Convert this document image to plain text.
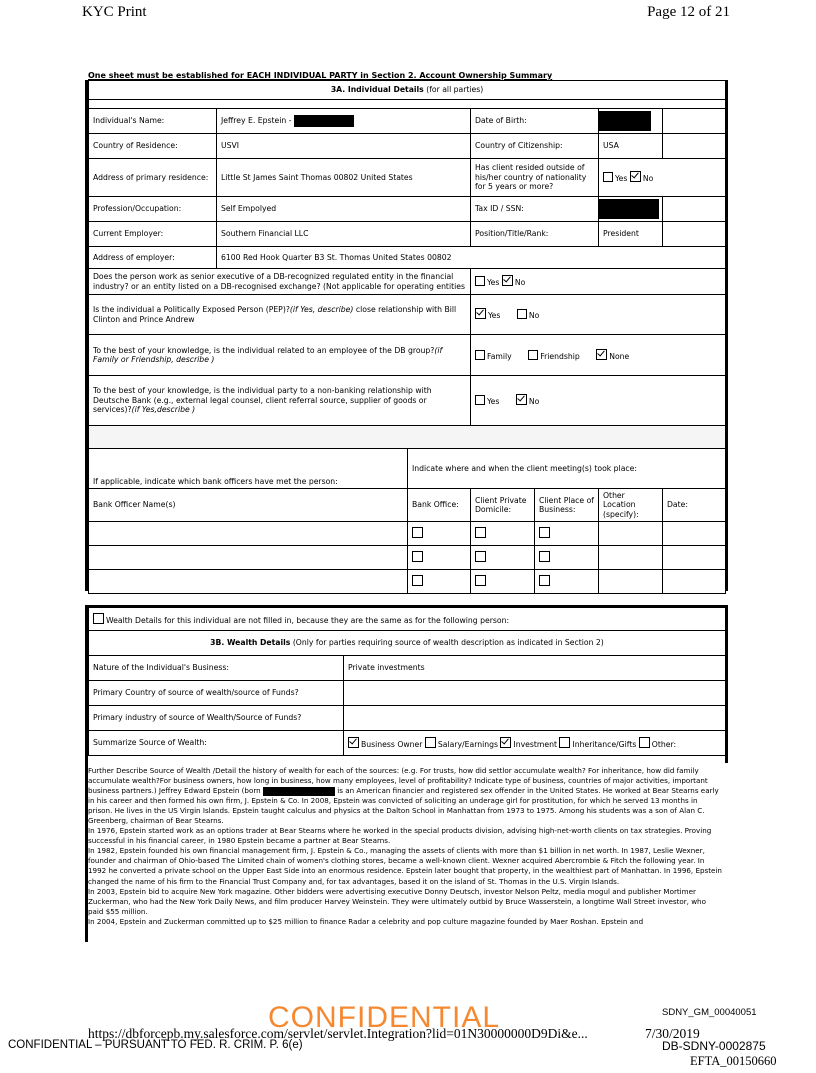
KYC Print	Page 12 of 21
One sheet must be established for EACH INDIVIDUAL PARTY in Section 2. Account Ownership Summary
3A. Individual Details (for all parties)						

Individual's Name:	Jeffrey E. Epstein -		Date of Birth:			
Country of Residence:	USVI		Country of Citizenship:		USA	
Address of primary residence:	Little St James Saint Thomas 00802 United States		Has client resided outside of his/her country of nationality for 5 years or more?		Yes No	
Profession/Occupation:	Self Empolyed		Tax ID / SSN:			
Current Employer:	Southern Financial LLC		Position/Title/Rank:		President	
Address of employer:	6100 Red Hook Quarter B3 St. Thomas United States 00802					
Does the person work as senior executive of a DB-recognized regulated entity in the financial industry? or an entity listed on a DB-recognised exchange? (Not applicable for operating entities			Yes No			
Is the individual a Politically Exposed Person (PEP)?(if Yes, describe) close relationship with Bill Clinton and Prince Andrew			Yes No			
To the best of your knowledge, is the individual related to an employee of the DB group?(if Family or Friendship, describe )			Family Friendship None			
To the best of your knowledge, is the individual party to a non-banking relationship with Deutsche Bank (e.g., external legal counsel, client referral source, supplier of goods or services)?(if Yes,describe )			Yes No			

If applicable, indicate which bank officers have met the person:		Indicate where and when the client meeting(s) took place:				
Bank Officer Name(s)		Bank Office:	Client Private Domicile:	Client Place of Business:	Other Location (specify):	Date:

Wealth Details for this individual are not filled in, because they are the same as for the following person:	
3B. Wealth Details (Only for parties requiring source of wealth description as indicated in Section 2)	
Nature of the Individual's Business:	Private investments
Primary Country of source of wealth/source of Funds?	
Primary industry of source of Wealth/Source of Funds?	
Summarize Source of Wealth:	Business Owner Salary/Earnings Investment Inheritance/Gifts Other:

Further Describe Source of Wealth /Detail the history of wealth for each of the sources: (e.g. For trusts, how did settlor accumulate wealth? For inheritance, how did family accumulate wealth?For business owners, how long in business, how many employees, level of profitability? Indicate type of business, countries of major activities, important business partners.) Jeffrey Edward Epstein (born	is an American financier and registered sex offender in the United States. He worked at Bear Stearns early in his career and then formed his own firm, J. Epstein & Co. In 2008, Epstein was convicted of soliciting an underage girl for prostitution, for which he served 13 months in prison. He lives in the US Virgin Islands. Epstein taught calculus and physics at the Dalton School in Manhattan from 1973 to 1975. Among his students was a son of Alan C. Greenberg, chairman of Bear Stearns.

In 1976, Epstein started work as an options trader at Bear Stearns where he worked in the special products division, advising high-net-worth clients on tax strategies. Proving successful in his financial career, in 1980 Epstein became a partner at Bear Stearns.

In 1982, Epstein founded his own financial management firm, J. Epstein & Co., managing the assets of clients with more than $1 billion in net worth. In 1987, Leslie Wexner, founder and chairman of Ohio-based The Limited chain of women's clothing stores, became a well-known client. Wexner acquired Abercrombie & Fitch the following year. In 1992 he converted a private school on the Upper East Side into an enormous residence. Epstein later bought that property, in the wealthiest part of Manhattan. In 1996, Epstein changed the name of his firm to the Financial Trust Company and, for tax advantages, based it on the island of St. Thomas in the U.S. Virgin Islands.

In 2003, Epstein bid to acquire New York magazine. Other bidders were advertising executive Donny Deutsch, investor Nelson Peltz, media mogul and publisher Mortimer Zuckerman, who had the New York Daily News, and film producer Harvey Weinstein. They were ultimately outbid by Bruce Wasserstein, a longtime Wall Street investor, who paid $55 million.

In 2004, Epstein and Zuckerman committed up to $25 million to finance Radar a celebrity and pop culture magazine founded by Maer Roshan. Epstein and

https://dbforcepb.my.salesforce.com/servlet/servlet.Integration?lid=01N30000000D9Di&e...	7/30/2019
CONFIDENTIAL
CONFIDENTIAL – PURSUANT TO FED. R. CRIM. P. 6(e)
SDNY_GM_00040051
DB-SDNY-0002875
EFTA_00150660
